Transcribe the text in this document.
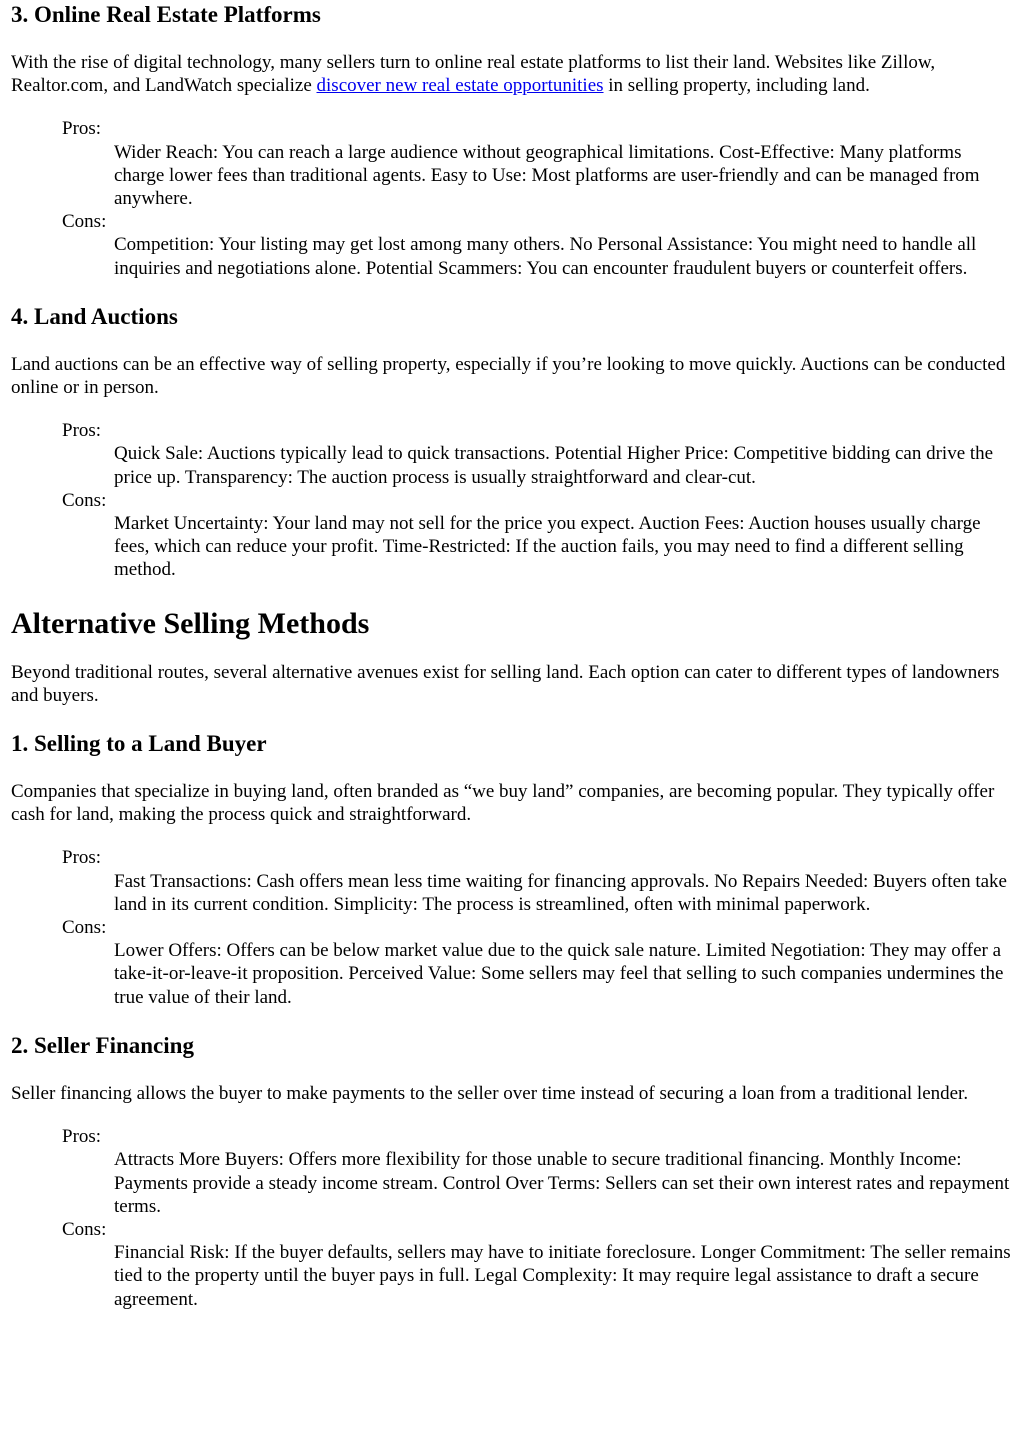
3. Online Real Estate Platforms

With the rise of digital technology, many sellers turn to online real estate platforms to list their land. Websites like Zillow, Realtor.com, and LandWatch specialize discover new real estate opportunities in selling property, including land.

Pros:
Wider Reach: You can reach a large audience without geographical limitations. Cost-Effective: Many platforms charge lower fees than traditional agents. Easy to Use: Most platforms are user-friendly and can be managed from anywhere.
Cons:
Competition: Your listing may get lost among many others. No Personal Assistance: You might need to handle all inquiries and negotiations alone. Potential Scammers: You can encounter fraudulent buyers or counterfeit offers.
4. Land Auctions

Land auctions can be an effective way of selling property, especially if you’re looking to move quickly. Auctions can be conducted online or in person.

Pros:
Quick Sale: Auctions typically lead to quick transactions. Potential Higher Price: Competitive bidding can drive the price up. Transparency: The auction process is usually straightforward and clear-cut.
Cons:
Market Uncertainty: Your land may not sell for the price you expect. Auction Fees: Auction houses usually charge fees, which can reduce your profit. Time-Restricted: If the auction fails, you may need to find a different selling method.
Alternative Selling Methods

Beyond traditional routes, several alternative avenues exist for selling land. Each option can cater to different types of landowners and buyers.

1. Selling to a Land Buyer

Companies that specialize in buying land, often branded as “we buy land” companies, are becoming popular. They typically offer cash for land, making the process quick and straightforward.

Pros:
Fast Transactions: Cash offers mean less time waiting for financing approvals. No Repairs Needed: Buyers often take land in its current condition. Simplicity: The process is streamlined, often with minimal paperwork.
Cons:
Lower Offers: Offers can be below market value due to the quick sale nature. Limited Negotiation: They may offer a take-it-or-leave-it proposition. Perceived Value: Some sellers may feel that selling to such companies undermines the true value of their land.
2. Seller Financing

Seller financing allows the buyer to make payments to the seller over time instead of securing a loan from a traditional lender.

Pros:
Attracts More Buyers: Offers more flexibility for those unable to secure traditional financing. Monthly Income: Payments provide a steady income stream. Control Over Terms: Sellers can set their own interest rates and repayment terms.
Cons:
Financial Risk: If the buyer defaults, sellers may have to initiate foreclosure. Longer Commitment: The seller remains tied to the property until the buyer pays in full. Legal Complexity: It may require legal assistance to draft a secure agreement.
